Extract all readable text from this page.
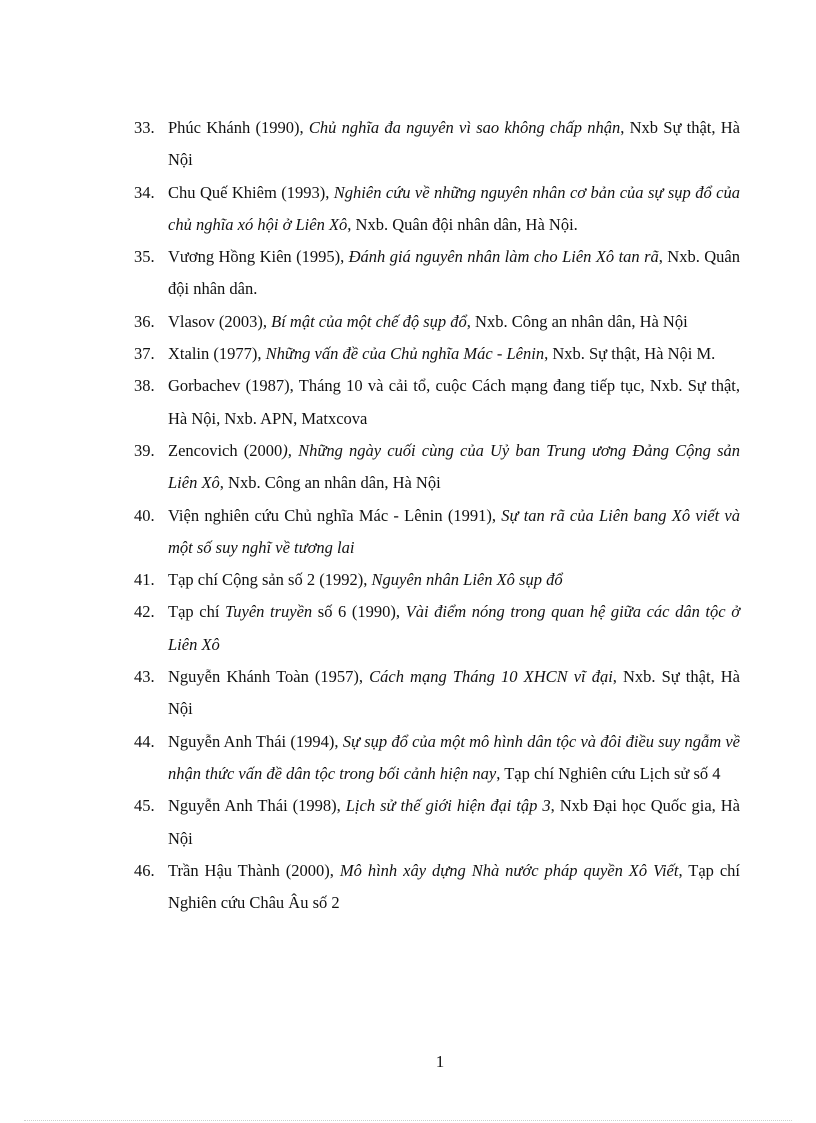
33. Phúc Khánh (1990), Chủ nghĩa đa nguyên vì sao không chấp nhận, Nxb Sự thật, Hà Nội
34. Chu Quế Khiêm (1993), Nghiên cứu về những nguyên nhân cơ bản của sự sụp đổ của chủ nghĩa xó hội ở Liên Xô, Nxb. Quân đội nhân dân, Hà Nội.
35. Vương Hồng Kiên (1995), Đánh giá nguyên nhân làm cho Liên Xô tan rã, Nxb. Quân đội nhân dân.
36. Vlasov (2003), Bí mật của một chế độ sụp đổ, Nxb. Công an nhân dân, Hà Nội
37. Xtalin (1977), Những vấn đề của Chủ nghĩa Mác - Lênin, Nxb. Sự thật, Hà Nội M.
38. Gorbachev (1987), Tháng 10 và cải tổ, cuộc Cách mạng đang tiếp tục, Nxb. Sự thật, Hà Nội, Nxb. APN, Matxcova
39. Zencovich (2000), Những ngày cuối cùng của Uỷ ban Trung ương Đảng Cộng sản Liên Xô, Nxb. Công an nhân dân, Hà Nội
40. Viện nghiên cứu Chủ nghĩa Mác - Lênin (1991), Sự tan rã của Liên bang Xô viết và một số suy nghĩ về tương lai
41. Tạp chí Cộng sản số 2 (1992), Nguyên nhân Liên Xô sụp đổ
42. Tạp chí Tuyên truyền số 6 (1990), Vài điểm nóng trong quan hệ giữa các dân tộc ở Liên Xô
43. Nguyễn Khánh Toàn (1957), Cách mạng Tháng 10 XHCN vĩ đại, Nxb. Sự thật, Hà Nội
44. Nguyễn Anh Thái (1994), Sự sụp đổ của một mô hình dân tộc và đôi điều suy ngẫm về nhận thức vấn đề dân tộc trong bối cảnh hiện nay, Tạp chí Nghiên cứu Lịch sử số 4
45. Nguyễn Anh Thái (1998), Lịch sử thế giới hiện đại tập 3, Nxb Đại học Quốc gia, Hà Nội
46. Trần Hậu Thành (2000), Mô hình xây dựng Nhà nước pháp quyền Xô Viết, Tạp chí Nghiên cứu Châu Âu số 2
1
